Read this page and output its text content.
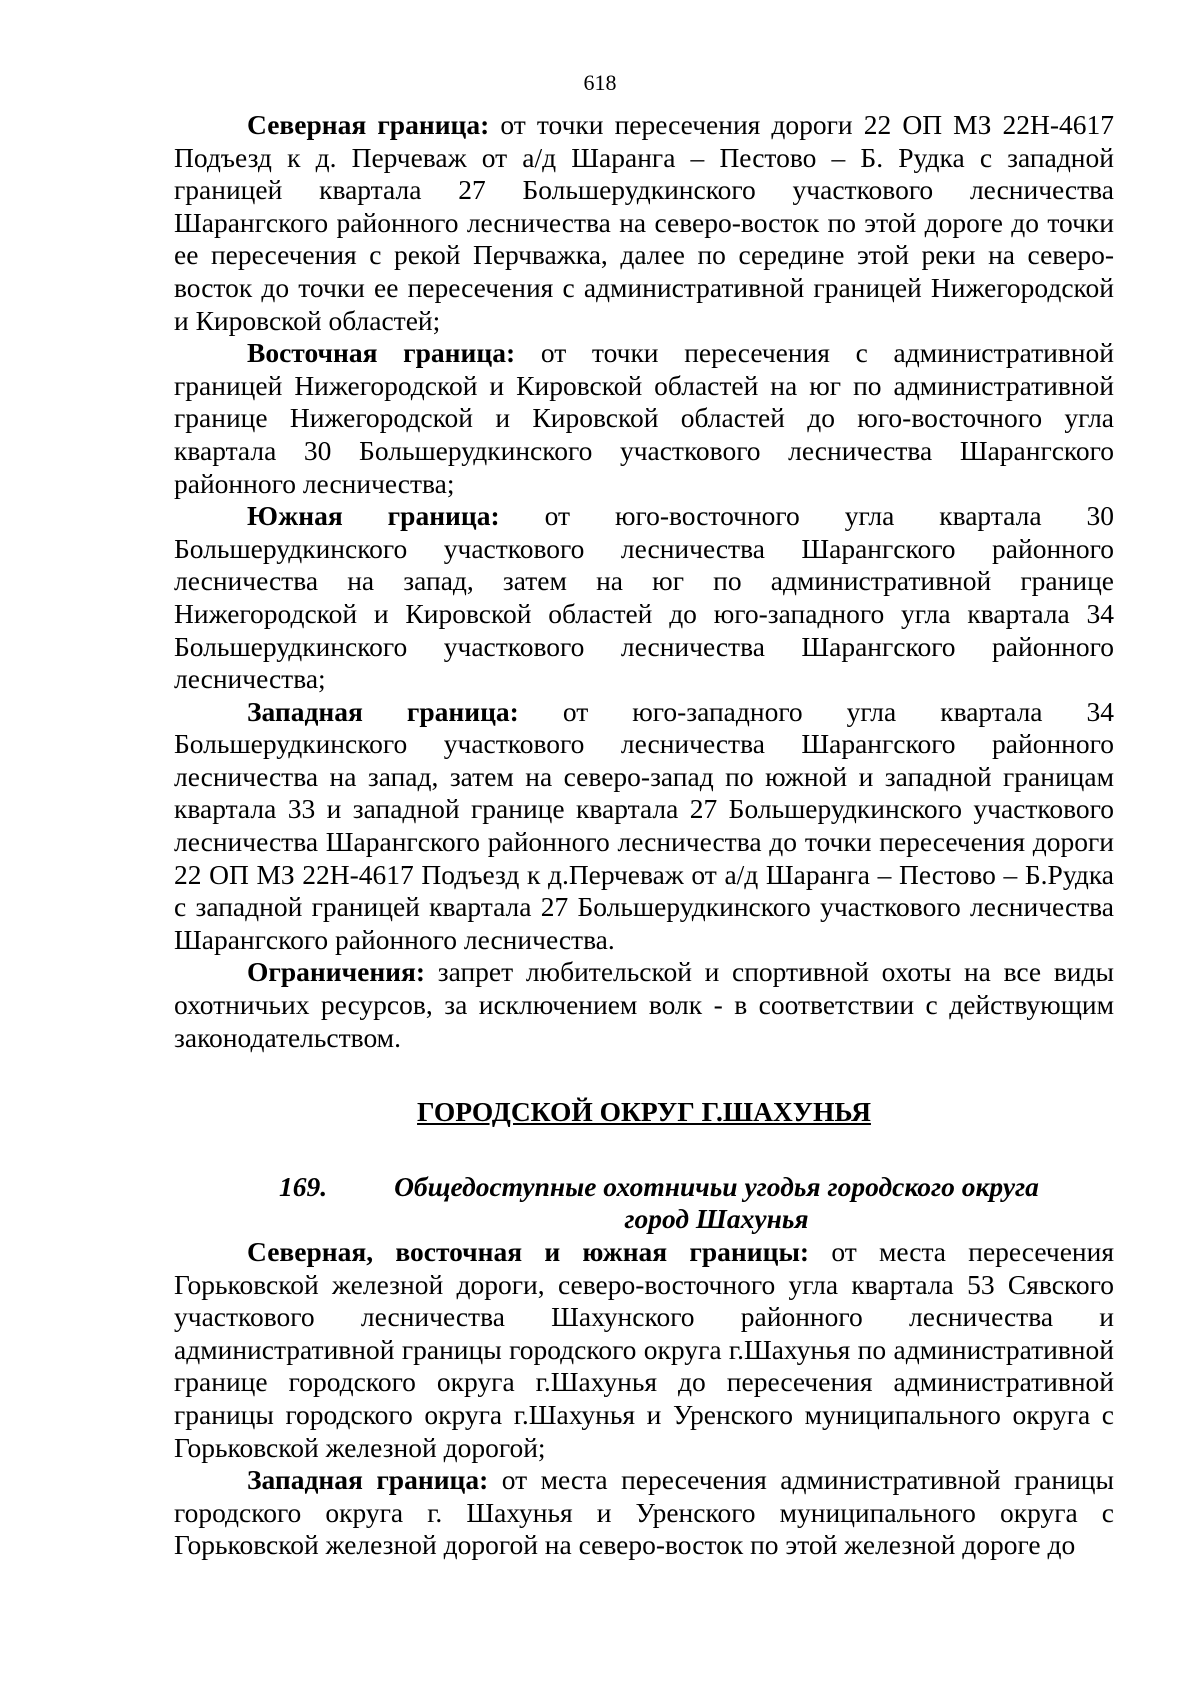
618

Северная граница: от точки пересечения дороги 22 ОП МЗ 22Н-4617 Подъезд к д. Перчеваж от а/д Шаранга – Пестово – Б. Рудка с западной границей квартала 27 Большерудкинского участкового лесничества Шарангского районного лесничества на северо-восток по этой дороге до точки ее пересечения с рекой Перчважка, далее по середине этой реки на северо-восток до точки ее пересечения с административной границей Нижегородской и Кировской областей;

Восточная граница: от точки пересечения с административной границей Нижегородской и Кировской областей на юг по административной границе Нижегородской и Кировской областей до юго-восточного угла квартала 30 Большерудкинского участкового лесничества Шарангского районного лесничества;

Южная граница: от юго-восточного угла квартала 30 Большерудкинского участкового лесничества Шарангского районного лесничества на запад, затем на юг по административной границе Нижегородской и Кировской областей до юго-западного угла квартала 34 Большерудкинского участкового лесничества Шарангского районного лесничества;

Западная граница: от юго-западного угла квартала 34 Большерудкинского участкового лесничества Шарангского районного лесничества на запад, затем на северо-запад по южной и западной границам квартала 33 и западной границе квартала 27 Большерудкинского участкового лесничества Шарангского районного лесничества до точки пересечения дороги 22 ОП МЗ 22Н-4617 Подъезд к д.Перчеваж от а/д Шаранга – Пестово – Б.Рудка с западной границей квартала 27 Большерудкинского участкового лесничества Шарангского районного лесничества.

Ограничения: запрет любительской и спортивной охоты на все виды охотничьих ресурсов, за исключением волк - в соответствии с действующим законодательством.

ГОРОДСКОЙ ОКРУГ Г.ШАХУНЬЯ
169.	Общедоступные охотничьи угодья городского округа город Шахунья

Северная, восточная и южная границы: от места пересечения Горьковской железной дороги, северо-восточного угла квартала 53 Сявского участкового лесничества Шахунского районного лесничества и административной границы городского округа г.Шахунья по административной границе городского округа г.Шахунья до пересечения административной границы городского округа г.Шахунья и Уренского муниципального округа с Горьковской железной дорогой;

Западная граница: от места пересечения административной границы городского округа г. Шахунья и Уренского муниципального округа с Горьковской железной дорогой на северо-восток по этой железной дороге до
